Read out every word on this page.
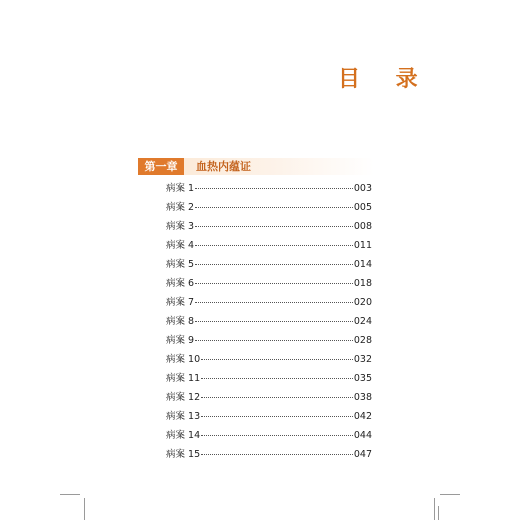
目 录
第一章	血热内蕴证
病案 1	003
病案 2	005
病案 3	008
病案 4	011
病案 5	014
病案 6	018
病案 7	020
病案 8	024
病案 9	028
病案 10	032
病案 11	035
病案 12	038
病案 13	042
病案 14	044
病案 15	047
